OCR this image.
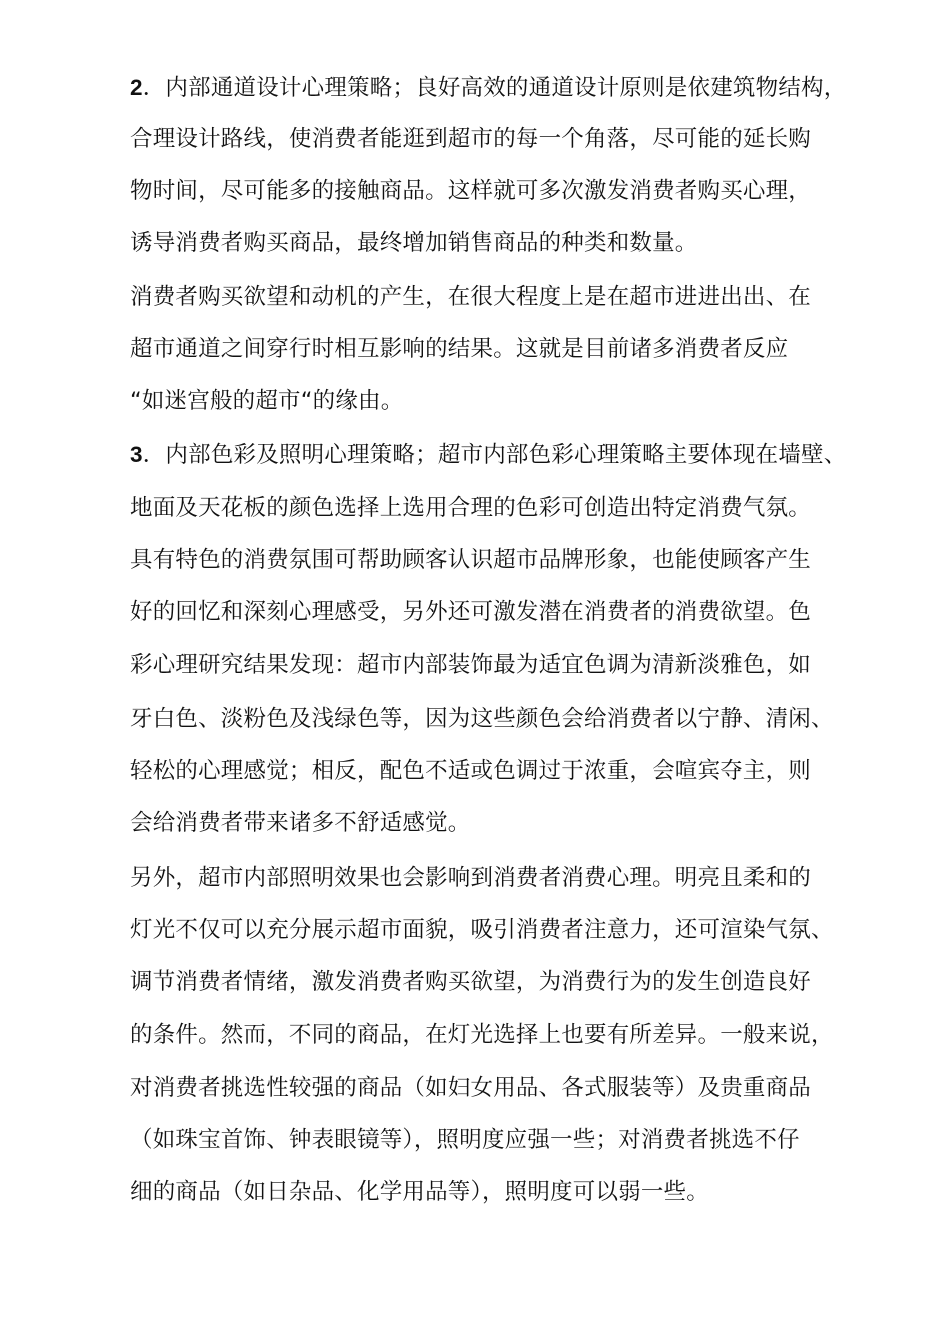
2．内部通道设计心理策略；良好高效的通道设计原则是依建筑物结构，
合理设计路线，使消费者能逛到超市的每一个角落，尽可能的延长购
物时间，尽可能多的接触商品。这样就可多次激发消费者购买心理，
诱导消费者购买商品，最终增加销售商品的种类和数量。
消费者购买欲望和动机的产生，在很大程度上是在超市进进出出、在
超市通道之间穿行时相互影响的结果。这就是目前诸多消费者反应
“如迷宫般的超市“的缘由。
3．内部色彩及照明心理策略；超市内部色彩心理策略主要体现在墙壁、
地面及天花板的颜色选择上选用合理的色彩可创造出特定消费气氛。
具有特色的消费氛围可帮助顾客认识超市品牌形象，也能使顾客产生
好的回忆和深刻心理感受，另外还可激发潜在消费者的消费欲望。色
彩心理研究结果发现：超市内部装饰最为适宜色调为清新淡雅色，如
牙白色、淡粉色及浅绿色等，因为这些颜色会给消费者以宁静、清闲、
轻松的心理感觉；相反，配色不适或色调过于浓重，会喧宾夺主，则
会给消费者带来诸多不舒适感觉。
另外，超市内部照明效果也会影响到消费者消费心理。明亮且柔和的
灯光不仅可以充分展示超市面貌，吸引消费者注意力，还可渲染气氛、
调节消费者情绪，激发消费者购买欲望，为消费行为的发生创造良好
的条件。然而，不同的商品，在灯光选择上也要有所差异。一般来说，
对消费者挑选性较强的商品（如妇女用品、各式服装等）及贵重商品
（如珠宝首饰、钟表眼镜等），照明度应强一些；对消费者挑选不仔
细的商品（如日杂品、化学用品等），照明度可以弱一些。
